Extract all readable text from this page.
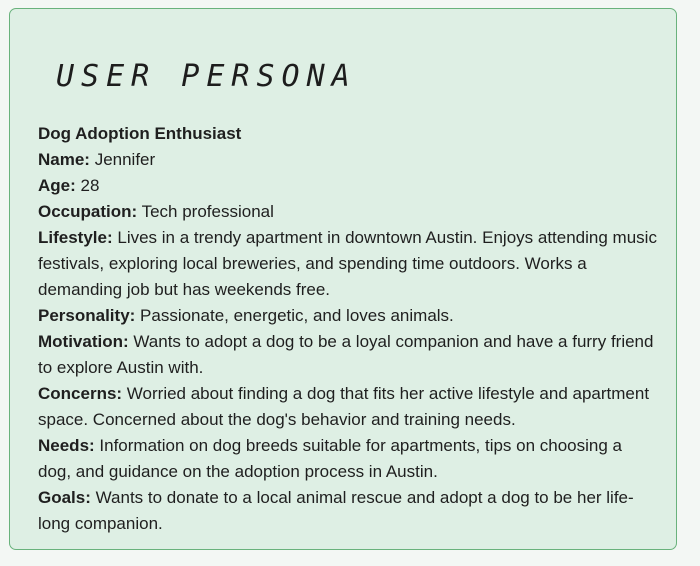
USER PERSONA
Dog Adoption Enthusiast
Name: Jennifer
Age: 28
Occupation: Tech professional
Lifestyle: Lives in a trendy apartment in downtown Austin. Enjoys attending music festivals, exploring local breweries, and spending time outdoors. Works a demanding job but has weekends free.
Personality: Passionate, energetic, and loves animals.
Motivation: Wants to adopt a dog to be a loyal companion and have a furry friend to explore Austin with.
Concerns: Worried about finding a dog that fits her active lifestyle and apartment space. Concerned about the dog's behavior and training needs.
Needs: Information on dog breeds suitable for apartments, tips on choosing a dog, and guidance on the adoption process in Austin.
Goals: Wants to donate to a local animal rescue and adopt a dog to be her life-long companion.
